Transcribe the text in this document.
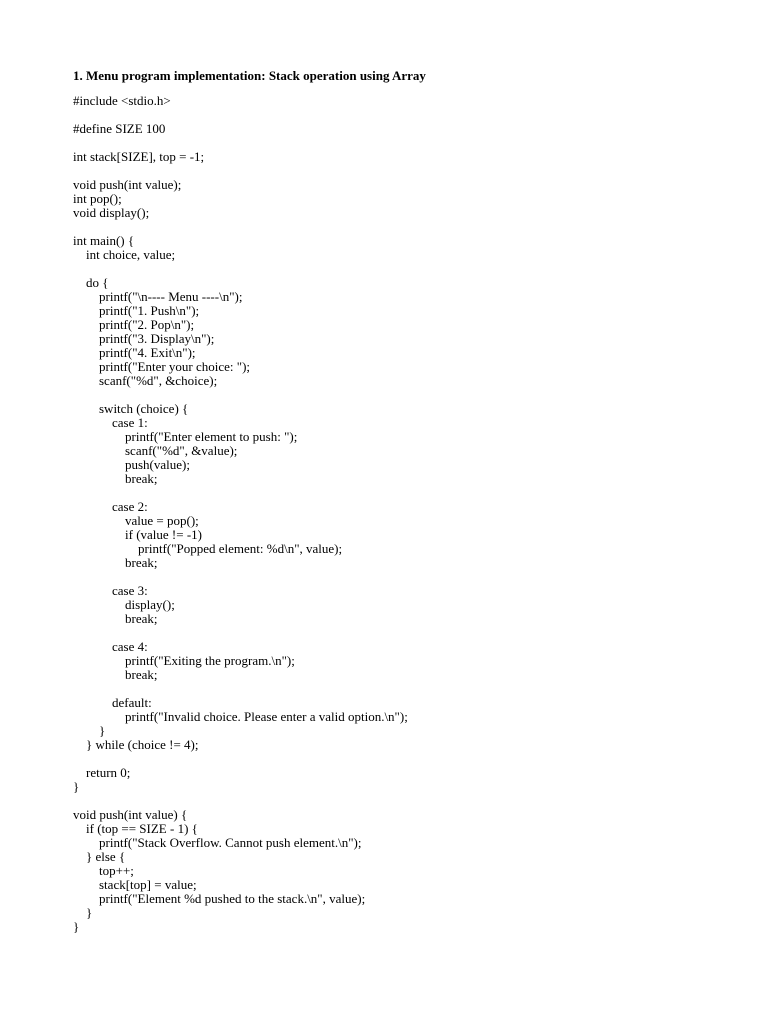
1. Menu program implementation: Stack operation using Array
#include <stdio.h>
#define SIZE 100
int stack[SIZE], top = -1;
void push(int value);
int pop();
void display();
int main() {
int choice, value;
do {
printf("\n---- Menu ----\n");
printf("1. Push\n");
printf("2. Pop\n");
printf("3. Display\n");
printf("4. Exit\n");
printf("Enter your choice: ");
scanf("%d", &choice);
switch (choice) {
case 1:
printf("Enter element to push: ");
scanf("%d", &value);
push(value);
break;
case 2:
value = pop();
if (value != -1)
printf("Popped element: %d\n", value);
break;
case 3:
display();
break;
case 4:
printf("Exiting the program.\n");
break;
default:
printf("Invalid choice. Please enter a valid option.\n");
}
} while (choice != 4);
return 0;
}
void push(int value) {
if (top == SIZE - 1) {
printf("Stack Overflow. Cannot push element.\n");
} else {
top++;
stack[top] = value;
printf("Element %d pushed to the stack.\n", value);
}
}
